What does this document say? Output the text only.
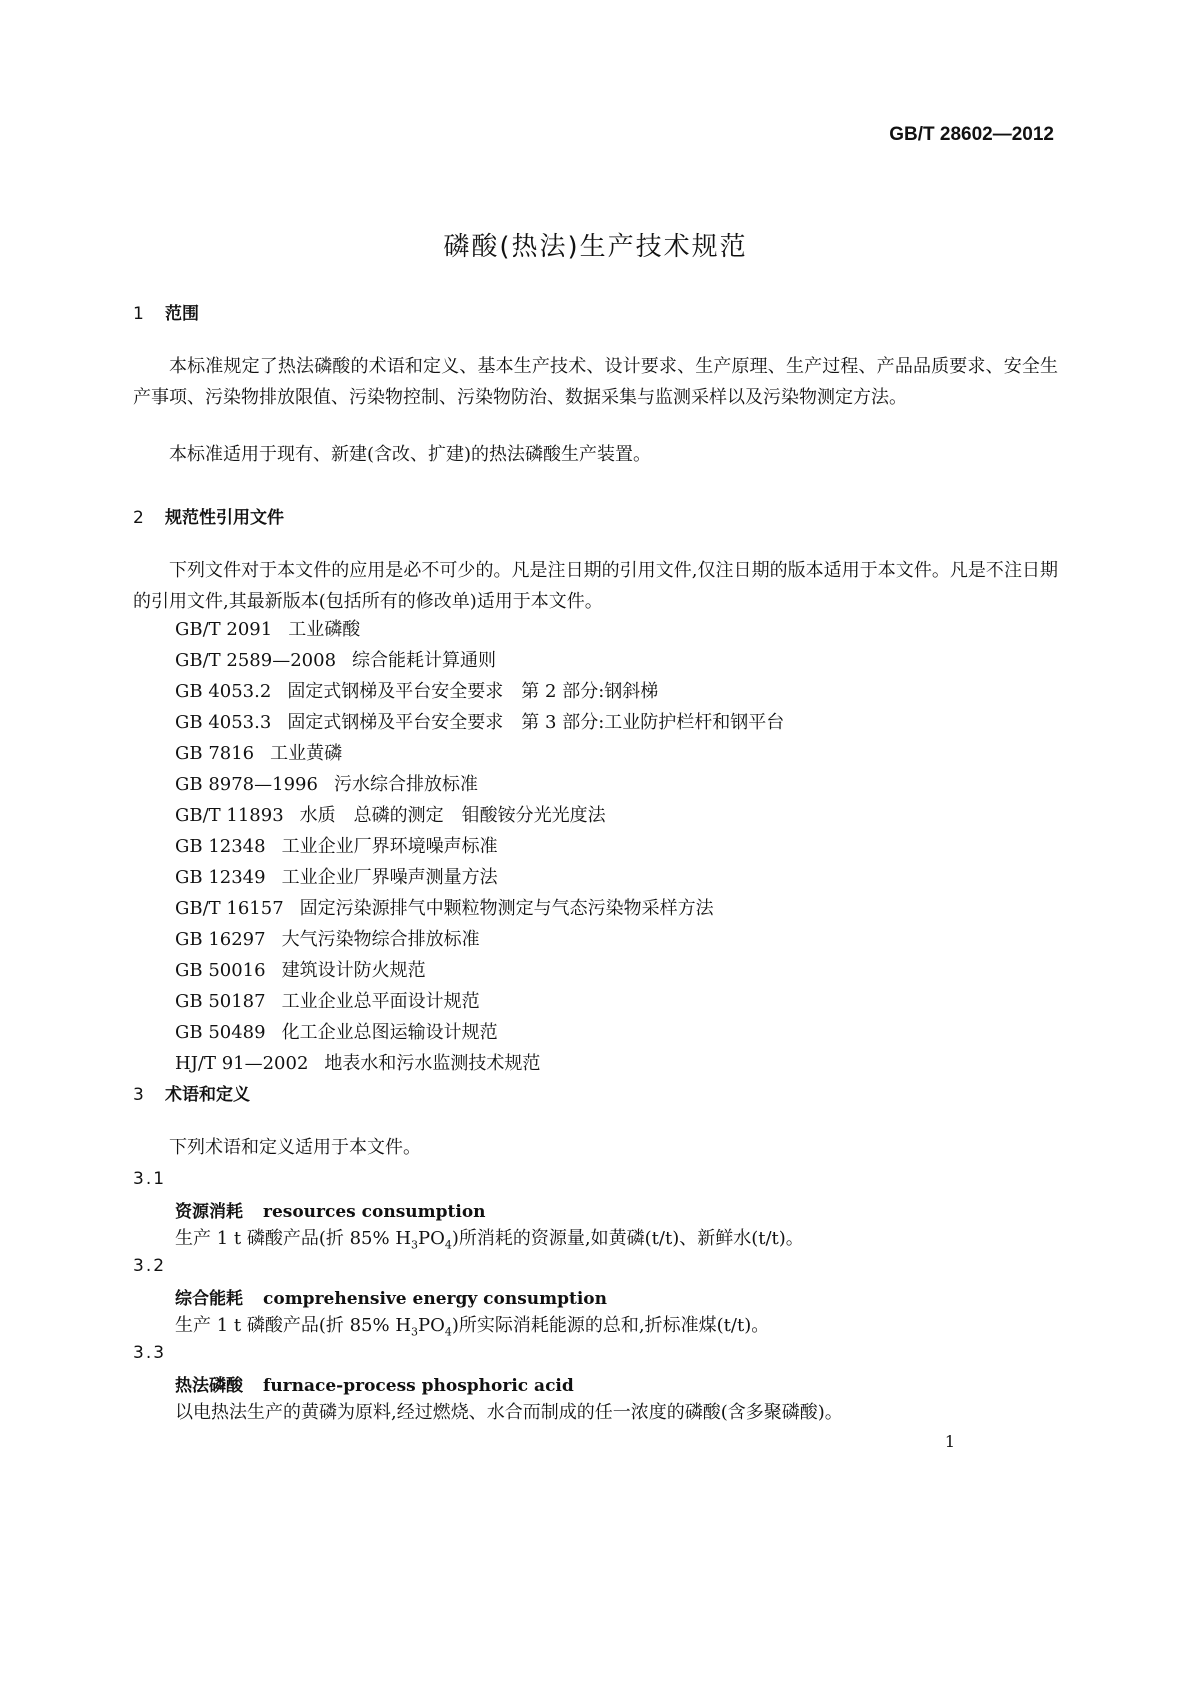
GB/T 28602—2012
磷酸(热法)生产技术规范
1 范围
本标准规定了热法磷酸的术语和定义、基本生产技术、设计要求、生产原理、生产过程、产品品质要求、安全生产事项、污染物排放限值、污染物控制、污染物防治、数据采集与监测采样以及污染物测定方法。
本标准适用于现有、新建(含改、扩建)的热法磷酸生产装置。
2 规范性引用文件
下列文件对于本文件的应用是必不可少的。凡是注日期的引用文件,仅注日期的版本适用于本文件。凡是不注日期的引用文件,其最新版本(包括所有的修改单)适用于本文件。
GB/T 2091 工业磷酸
GB/T 2589—2008 综合能耗计算通则
GB 4053.2 固定式钢梯及平台安全要求　第 2 部分:钢斜梯
GB 4053.3 固定式钢梯及平台安全要求　第 3 部分:工业防护栏杆和钢平台
GB 7816 工业黄磷
GB 8978—1996 污水综合排放标准
GB/T 11893 水质　总磷的测定　钼酸铵分光光度法
GB 12348 工业企业厂界环境噪声标准
GB 12349 工业企业厂界噪声测量方法
GB/T 16157 固定污染源排气中颗粒物测定与气态污染物采样方法
GB 16297 大气污染物综合排放标准
GB 50016 建筑设计防火规范
GB 50187 工业企业总平面设计规范
GB 50489 化工企业总图运输设计规范
HJ/T 91—2002 地表水和污水监测技术规范
3 术语和定义
下列术语和定义适用于本文件。
3.1
资源消耗 resources consumption
生产 1 t 磷酸产品(折 85% $H_3PO_4$)所消耗的资源量,如黄磷(t/t)、新鲜水(t/t)。
3.2
综合能耗 comprehensive energy consumption
生产 1 t 磷酸产品(折 85% $H_3PO_4$)所实际消耗能源的总和,折标准煤(t/t)。
3.3
热法磷酸 furnace-process phosphoric acid
以电热法生产的黄磷为原料,经过燃烧、水合而制成的任一浓度的磷酸(含多聚磷酸)。
1
